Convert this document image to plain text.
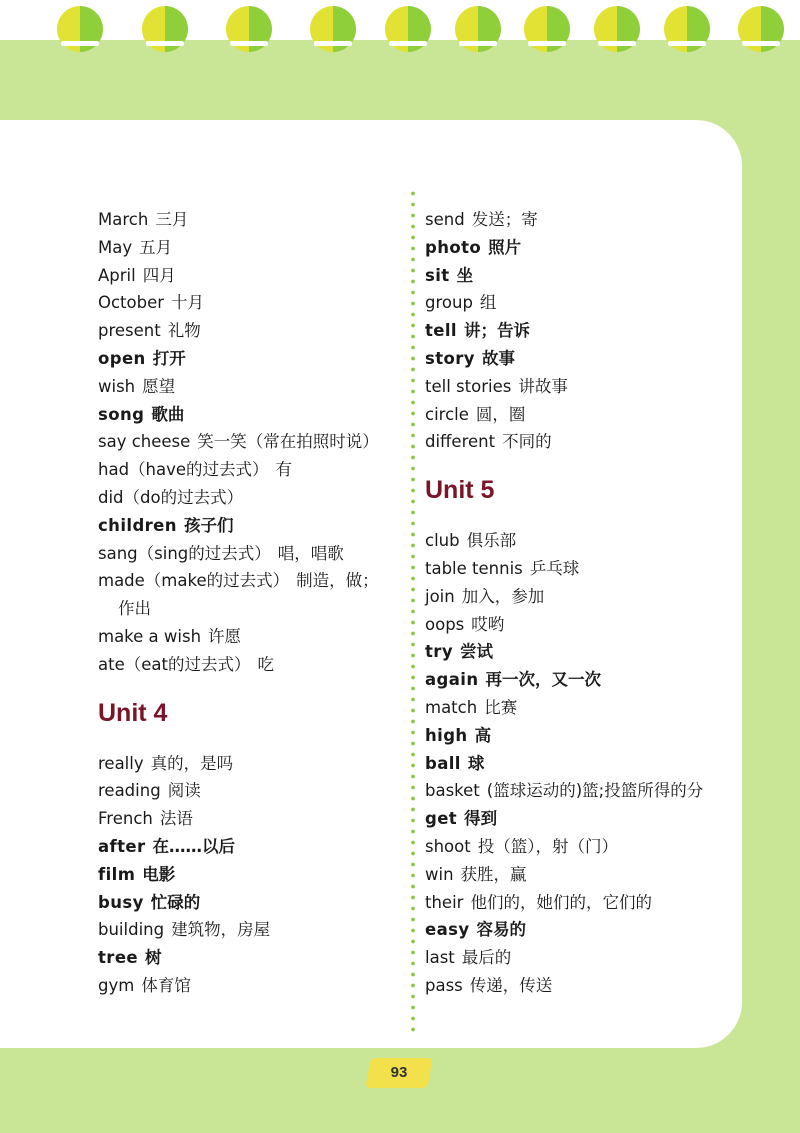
March 三月
May 五月
April 四月
October 十月
present 礼物
open 打开
wish 愿望
song 歌曲
say cheese 笑一笑（常在拍照时说）
had（have的过去式） 有
did（do的过去式）
children 孩子们
sang（sing的过去式） 唱，唱歌
made（make的过去式） 制造，做；
作出
make a wish 许愿
ate（eat的过去式） 吃
Unit 4
really 真的，是吗
reading 阅读
French 法语
after 在……以后
film 电影
busy 忙碌的
building 建筑物，房屋
tree 树
gym 体育馆
send 发送；寄
photo 照片
sit 坐
group 组
tell 讲；告诉
story 故事
tell stories 讲故事
circle 圆，圈
different 不同的
Unit 5
club 俱乐部
table tennis 乒乓球
join 加入，参加
oops 哎哟
try 尝试
again 再一次，又一次
match 比赛
high 高
ball 球
basket (篮球运动的)篮;投篮所得的分
get 得到
shoot 投（篮），射（门）
win 获胜，赢
their 他们的，她们的，它们的
easy 容易的
last 最后的
pass 传递，传送
93
